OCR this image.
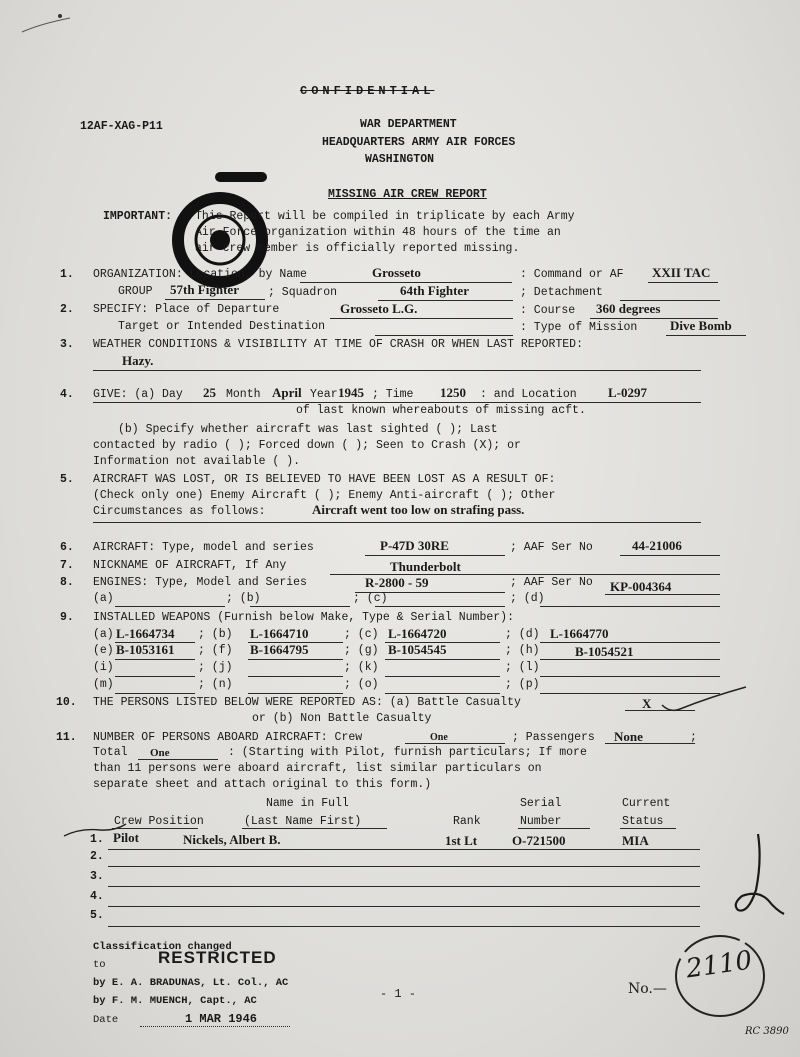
CONFIDENTIAL
12AF-XAG-P11	WAR DEPARTMENT
HEADQUARTERS ARMY AIR FORCES
WASHINGTON
MISSING AIR CREW REPORT
IMPORTANT: This Report will be compiled in triplicate by each Army
Air Force organization within 48 hours of the time an
air crew member is officially reported missing.
1. ORGANIZATION: Location, by Name	Grosseto	: Command or AF XXII TAC
GROUP 57th Fighter	; Squadron	64th Fighter	; Detachment
2. SPECIFY: Place of Departure	Grosseto L.G.	: Course 360 degrees
Target or Intended Destination	: Type of Mission	Dive Bomb
3. WEATHER CONDITIONS & VISIBILITY AT TIME OF CRASH OR WHEN LAST REPORTED:
Hazy.
4. GIVE: (a) Day 25 Month April Year 1945 ; Time 1250 : and Location L-0297
of last known whereabouts of missing acft.
(b) Specify whether aircraft was last sighted ( ); Last
contacted by radio ( ); Forced down ( ); Seen to Crash (X); or
Information not available ( ).
5. AIRCRAFT WAS LOST, OR IS BELIEVED TO HAVE BEEN LOST AS A RESULT OF:
(Check only one) Enemy Aircraft ( ); Enemy Anti-aircraft ( ); Other
Circumstances as follows:	Aircraft went too low on strafing pass.
6. AIRCRAFT: Type, model and series	P-47D 30RE	; AAF Ser No	44-21006
7. NICKNAME OF AIRCRAFT, If Any	Thunderbolt
8. ENGINES: Type, Model and Series	R-2800 - 59	; AAF Ser No KP-004364
(a)	; (b)	; (c)	; (d)
9. INSTALLED WEAPONS (Furnish below Make, Type & Serial Number):
(a) L-1664734 ; (b) L-1664710	; (c) L-1664720	; (d) L-1664770
(e) B-1053161 ; (f) B-1664795	; (g) B-1054545	; (h)	B-1054521
(i)	; (j)	; (k)	; (l)
(m)	; (n)	; (o)	; (p)
10. THE PERSONS LISTED BELOW WERE REPORTED AS: (a) Battle Casualty	X
or (b) Non Battle Casualty
11. NUMBER OF PERSONS ABOARD AIRCRAFT: Crew	One	; Passengers None	;
Total One	: (Starting with Pilot, furnish particulars; If more
than 11 persons were aboard aircraft, list similar particulars on
separate sheet and attach original to this form.)
Name in Full	Serial	Current
Crew Position	(Last Name First)	Rank	Number	Status
1. Pilot	Nickels, Albert B.	1st Lt	O-721500	MIA
2.
3.
4.
5.
Classification changed
to	RESTRICTED
by E. A. BRADUNAS, Lt. Col., AC
by F. M. MUENCH, Capt., AC
Date	1 MAR 1946
- 1 -	No.—
2110
RC 3890
